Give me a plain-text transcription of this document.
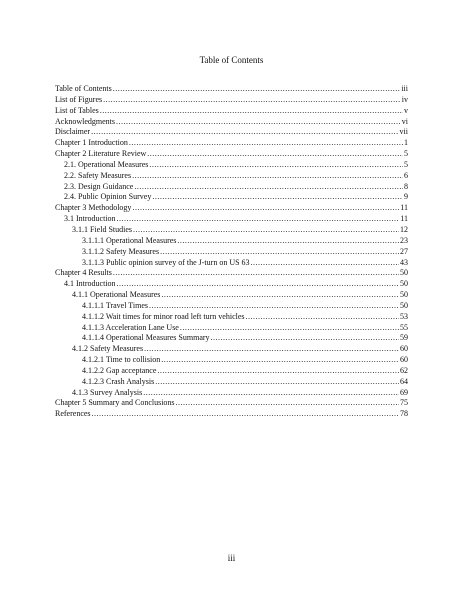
Table of Contents
Table of Contents .....	iii
List of Figures .....	iv
List of Tables .....	v
Acknowledgments .....	vi
Disclaimer .....	vii
Chapter 1 Introduction .....	1
Chapter 2 Literature Review .....	5
2.1. Operational Measures .....	5
2.2. Safety Measures .....	6
2.3. Design Guidance .....	8
2.4. Public Opinion Survey .....	9
Chapter 3 Methodology .....	11
3.1 Introduction .....	11
3.1.1 Field Studies .....	12
3.1.1.1 Operational Measures .....	23
3.1.1.2 Safety Measures .....	27
3.1.1.3 Public opinion survey of the J-turn on US 63 .....	43
Chapter 4 Results .....	50
4.1 Introduction .....	50
4.1.1 Operational Measures .....	50
4.1.1.1 Travel Times .....	50
4.1.1.2 Wait times for minor road left turn vehicles .....	53
4.1.1.3 Acceleration Lane Use .....	55
4.1.1.4 Operational Measures Summary .....	59
4.1.2 Safety Measures .....	60
4.1.2.1 Time to collision .....	60
4.1.2.2 Gap acceptance .....	62
4.1.2.3 Crash Analysis .....	64
4.1.3 Survey Analysis .....	69
Chapter 5 Summary and Conclusions .....	75
References .....	78
iii
